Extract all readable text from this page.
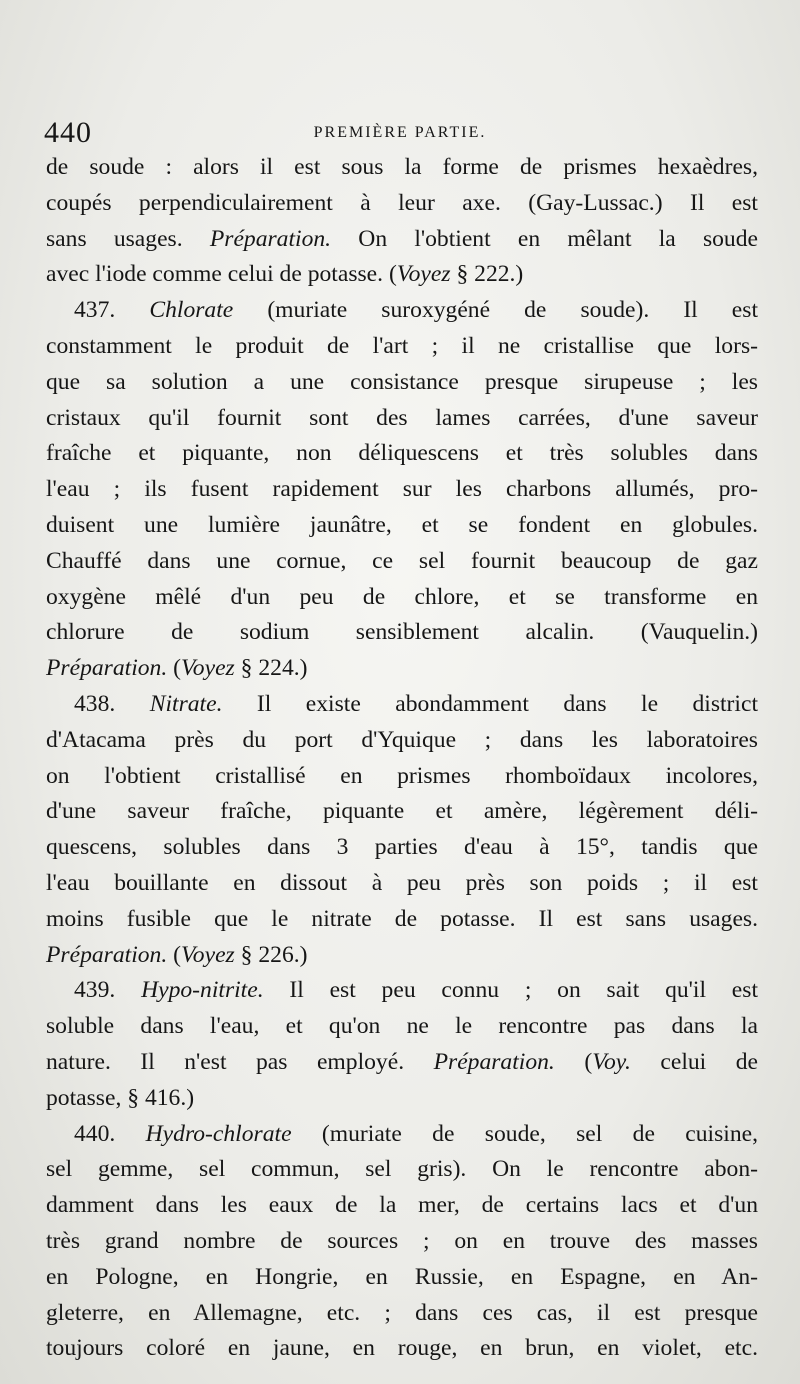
440	PREMIÈRE PARTIE.
de soude : alors il est sous la forme de prismes hexaèdres,
coupés perpendiculairement à leur axe. (Gay-Lussac.) Il est
sans usages. Préparation. On l'obtient en mêlant la soude
avec l'iode comme celui de potasse. (Voyez § 222.)
437. Chlorate (muriate suroxygéné de soude). Il est
constamment le produit de l'art ; il ne cristallise que lors-
que sa solution a une consistance presque sirupeuse ; les
cristaux qu'il fournit sont des lames carrées, d'une saveur
fraîche et piquante, non déliquescens et très solubles dans
l'eau ; ils fusent rapidement sur les charbons allumés, pro-
duisent une lumière jaunâtre, et se fondent en globules.
Chauffé dans une cornue, ce sel fournit beaucoup de gaz
oxygène mêlé d'un peu de chlore, et se transforme en
chlorure de sodium sensiblement alcalin. (Vauquelin.)
Préparation. (Voyez § 224.)
438. Nitrate. Il existe abondamment dans le district
d'Atacama près du port d'Yquique ; dans les laboratoires
on l'obtient cristallisé en prismes rhomboïdaux incolores,
d'une saveur fraîche, piquante et amère, légèrement déli-
quescens, solubles dans 3 parties d'eau à 15°, tandis que
l'eau bouillante en dissout à peu près son poids ; il est
moins fusible que le nitrate de potasse. Il est sans usages.
Préparation. (Voyez § 226.)
439. Hypo-nitrite. Il est peu connu ; on sait qu'il est
soluble dans l'eau, et qu'on ne le rencontre pas dans la
nature. Il n'est pas employé. Préparation. (Voy. celui de
potasse, § 416.)
440. Hydro-chlorate (muriate de soude, sel de cuisine,
sel gemme, sel commun, sel gris). On le rencontre abon-
damment dans les eaux de la mer, de certains lacs et d'un
très grand nombre de sources ; on en trouve des masses
en Pologne, en Hongrie, en Russie, en Espagne, en An-
gleterre, en Allemagne, etc. ; dans ces cas, il est presque
toujours coloré en jaune, en rouge, en brun, en violet, etc.
